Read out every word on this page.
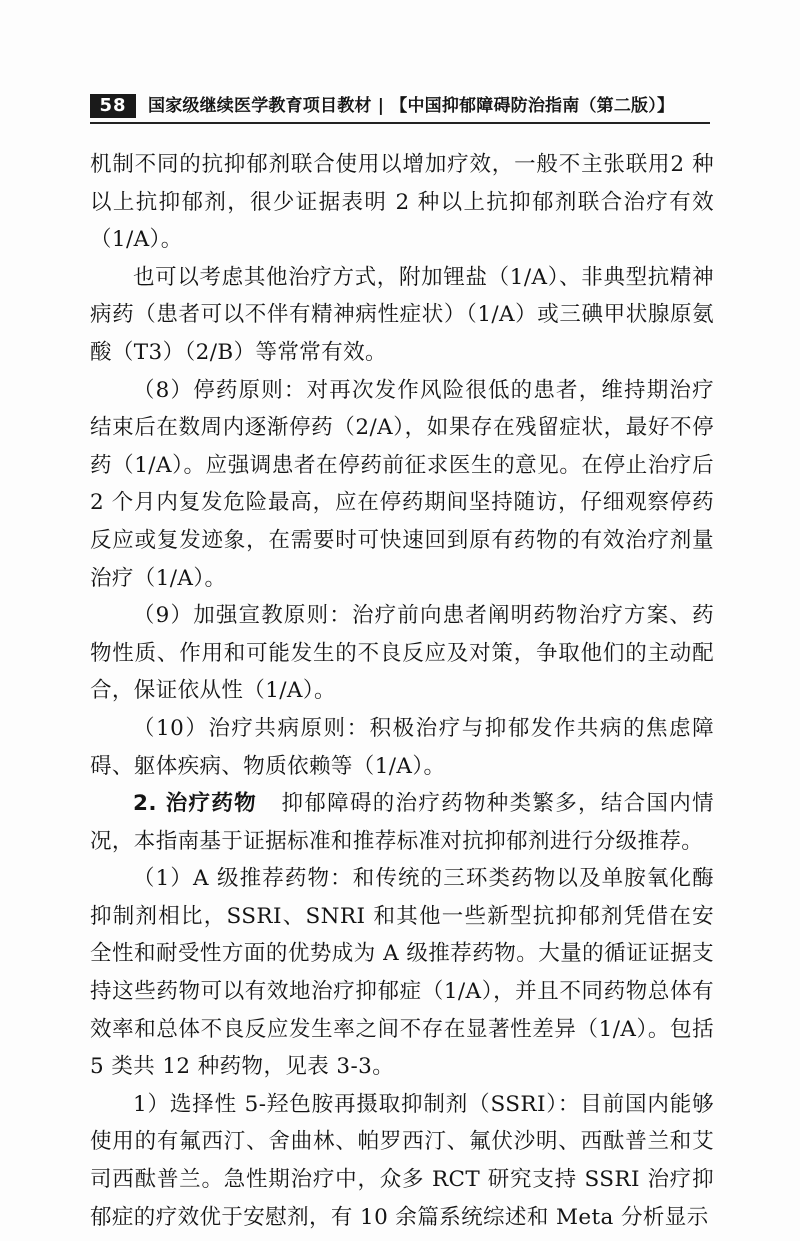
58	国家级继续医学教育项目教材 | 【中国抑郁障碍防治指南（第二版）】

机制不同的抗抑郁剂联合使用以增加疗效，一般不主张联用2 种以上抗抑郁剂，很少证据表明 2 种以上抗抑郁剂联合治疗有效（1/A）。

也可以考虑其他治疗方式，附加锂盐（1/A）、非典型抗精神病药（患者可以不伴有精神病性症状）（1/A）或三碘甲状腺原氨酸（T3）（2/B）等常常有效。

（8）停药原则：对再次发作风险很低的患者，维持期治疗结束后在数周内逐渐停药（2/A），如果存在残留症状，最好不停药（1/A）。应强调患者在停药前征求医生的意见。在停止治疗后 2 个月内复发危险最高，应在停药期间坚持随访，仔细观察停药反应或复发迹象，在需要时可快速回到原有药物的有效治疗剂量治疗（1/A）。

（9）加强宣教原则：治疗前向患者阐明药物治疗方案、药物性质、作用和可能发生的不良反应及对策，争取他们的主动配合，保证依从性（1/A）。

（10）治疗共病原则：积极治疗与抑郁发作共病的焦虑障碍、躯体疾病、物质依赖等（1/A）。

2. 治疗药物 抑郁障碍的治疗药物种类繁多，结合国内情况，本指南基于证据标准和推荐标准对抗抑郁剂进行分级推荐。

（1）A 级推荐药物：和传统的三环类药物以及单胺氧化酶抑制剂相比，SSRI、SNRI 和其他一些新型抗抑郁剂凭借在安全性和耐受性方面的优势成为 A 级推荐药物。大量的循证证据支持这些药物可以有效地治疗抑郁症（1/A），并且不同药物总体有效率和总体不良反应发生率之间不存在显著性差异（1/A）。包括 5 类共 12 种药物，见表 3-3。

1）选择性 5-羟色胺再摄取抑制剂（SSRI）：目前国内能够使用的有氟西汀、舍曲林、帕罗西汀、氟伏沙明、西酞普兰和艾司西酞普兰。急性期治疗中，众多 RCT 研究支持 SSRI 治疗抑郁症的疗效优于安慰剂，有 10 余篇系统综述和 Meta 分析显示
